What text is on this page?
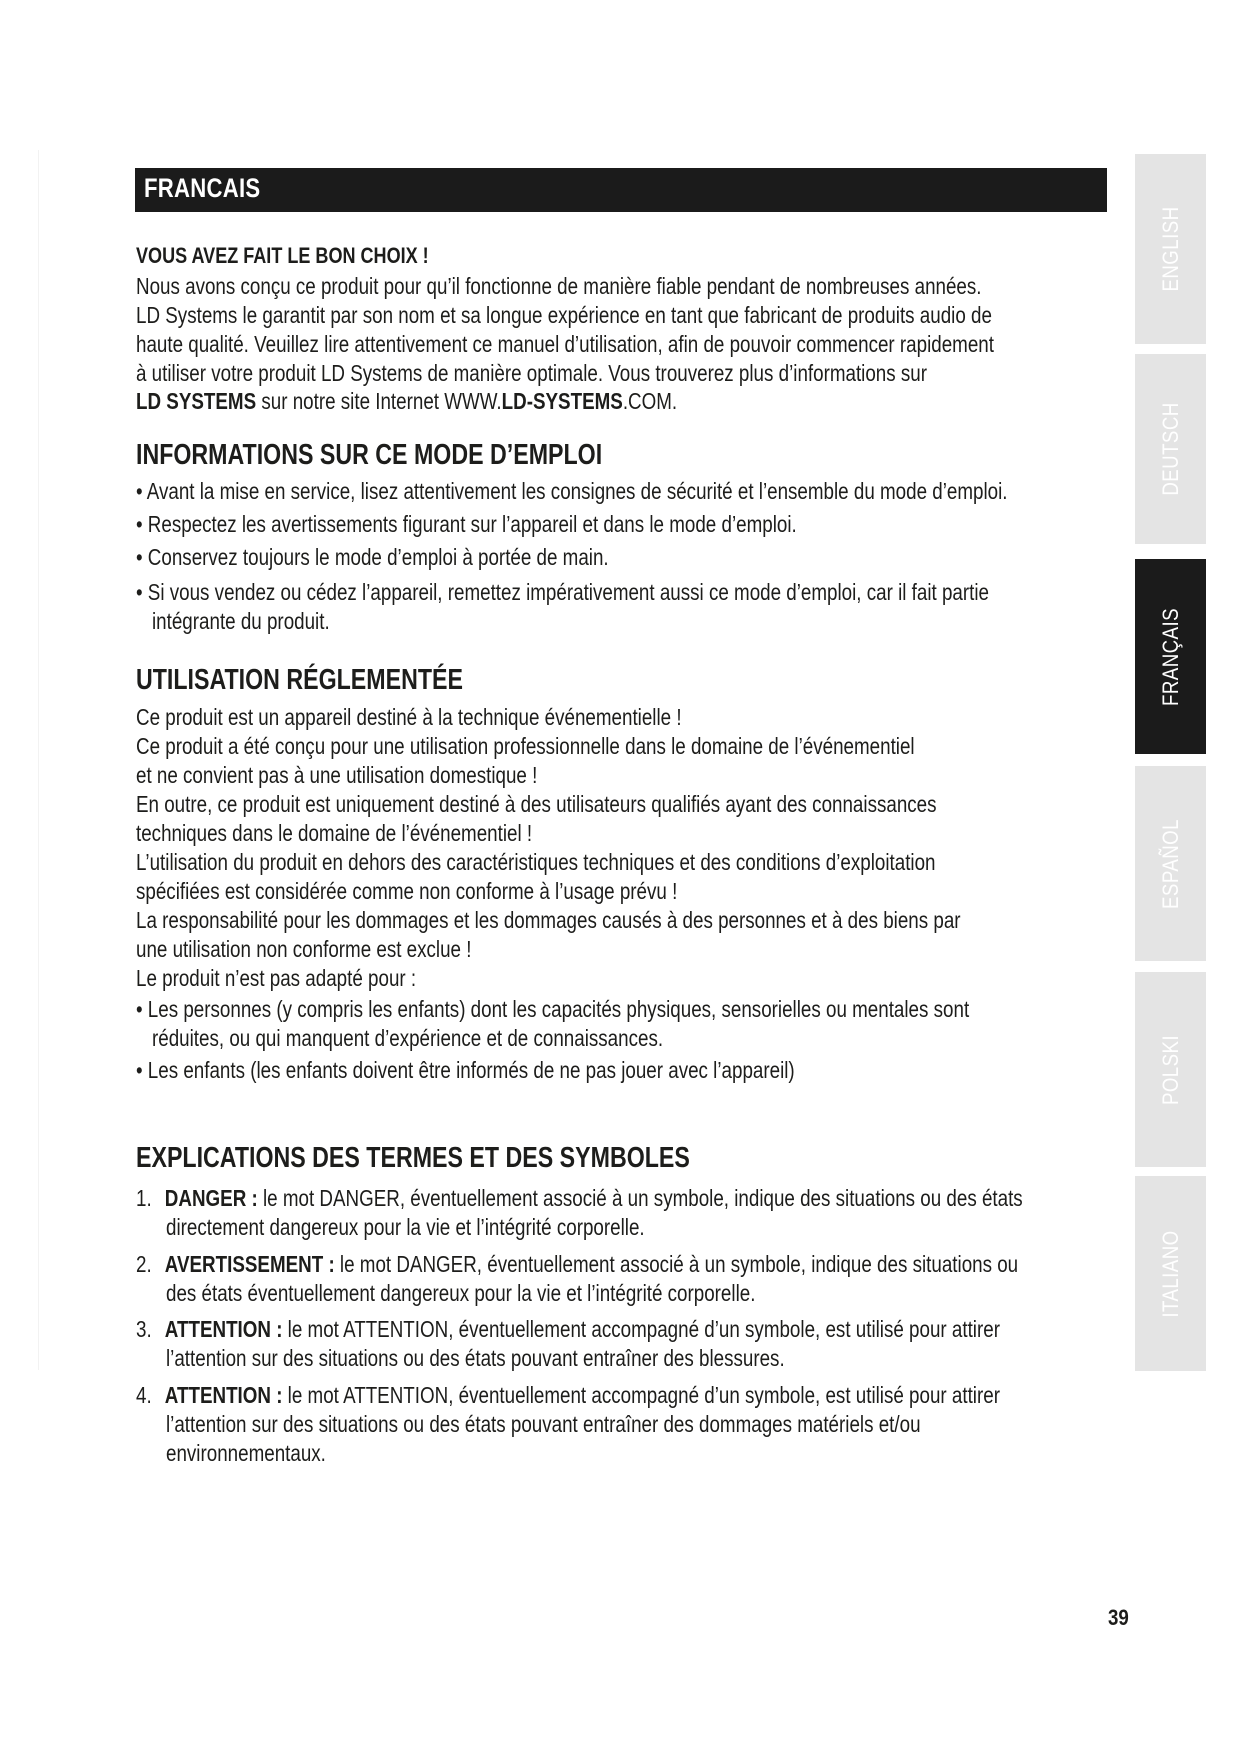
FRANCAIS
VOUS AVEZ FAIT LE BON CHOIX !
Nous avons conçu ce produit pour qu’il fonctionne de manière fiable pendant de nombreuses années.
LD Systems le garantit par son nom et sa longue expérience en tant que fabricant de produits audio de
haute qualité. Veuillez lire attentivement ce manuel d’utilisation, afin de pouvoir commencer rapidement
à utiliser votre produit LD Systems de manière optimale. Vous trouverez plus d’informations sur
LD SYSTEMS sur notre site Internet WWW.LD-SYSTEMS.COM.
INFORMATIONS SUR CE MODE D’EMPLOI
• Avant la mise en service, lisez attentivement les consignes de sécurité et l’ensemble du mode d’emploi.
• Respectez les avertissements figurant sur l’appareil et dans le mode d’emploi.
• Conservez toujours le mode d’emploi à portée de main.
• Si vous vendez ou cédez l’appareil, remettez impérativement aussi ce mode d’emploi, car il fait partie
intégrante du produit.
UTILISATION RÉGLEMENTÉE
Ce produit est un appareil destiné à la technique événementielle !
Ce produit a été conçu pour une utilisation professionnelle dans le domaine de l’événementiel
et ne convient pas à une utilisation domestique !
En outre, ce produit est uniquement destiné à des utilisateurs qualifiés ayant des connaissances
techniques dans le domaine de l’événementiel !
L’utilisation du produit en dehors des caractéristiques techniques et des conditions d’exploitation
spécifiées est considérée comme non conforme à l’usage prévu !
La responsabilité pour les dommages et les dommages causés à des personnes et à des biens par
une utilisation non conforme est exclue !
Le produit n’est pas adapté pour :
• Les personnes (y compris les enfants) dont les capacités physiques, sensorielles ou mentales sont
réduites, ou qui manquent d’expérience et de connaissances.
• Les enfants (les enfants doivent être informés de ne pas jouer avec l’appareil)
EXPLICATIONS DES TERMES ET DES SYMBOLES
1. DANGER : le mot DANGER, éventuellement associé à un symbole, indique des situations ou des états
directement dangereux pour la vie et l’intégrité corporelle.
2. AVERTISSEMENT : le mot DANGER, éventuellement associé à un symbole, indique des situations ou
des états éventuellement dangereux pour la vie et l’intégrité corporelle.
3. ATTENTION : le mot ATTENTION, éventuellement accompagné d’un symbole, est utilisé pour attirer
l’attention sur des situations ou des états pouvant entraîner des blessures.
4. ATTENTION : le mot ATTENTION, éventuellement accompagné d’un symbole, est utilisé pour attirer
l’attention sur des situations ou des états pouvant entraîner des dommages matériels et/ou
environnementaux.
ENGLISH
DEUTSCH
FRANÇAIS
ESPAÑOL
POLSKI
ITALIANO
39
